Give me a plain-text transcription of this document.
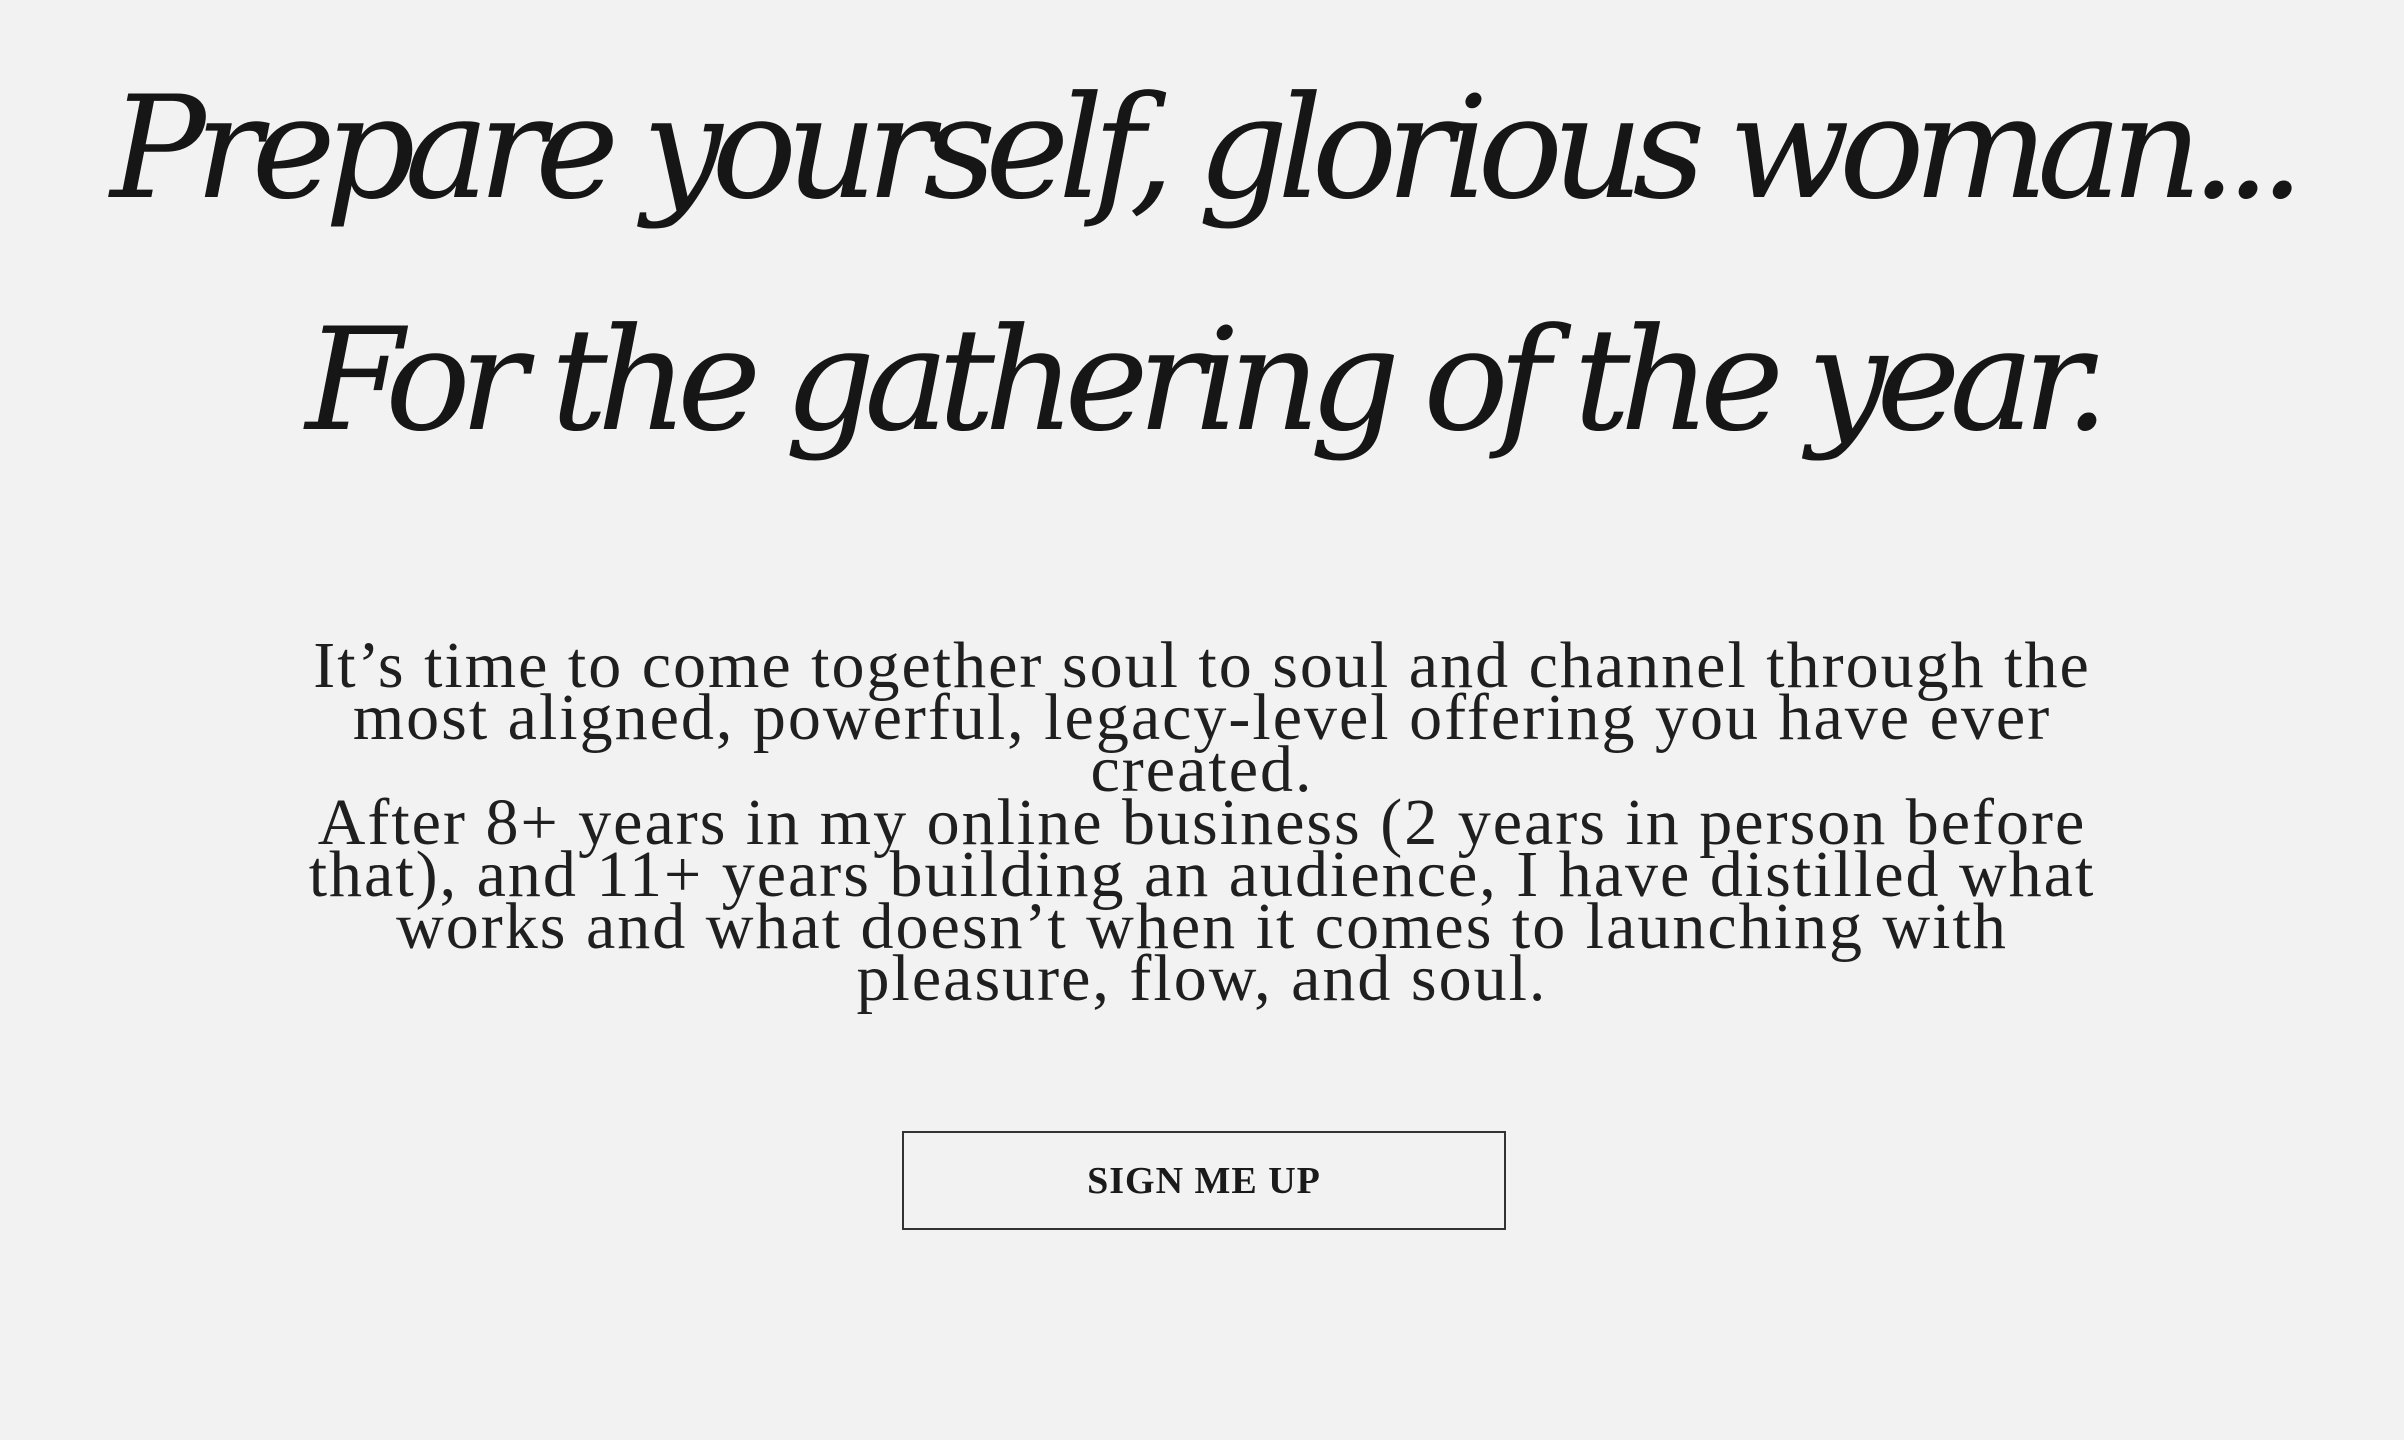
Prepare yourself, glorious woman...
For the gathering of the year.

It’s time to come together soul to soul and channel through the most aligned, powerful, legacy-level offering you have ever created.

After 8+ years in my online business (2 years in person before that), and 11+ years building an audience, I have distilled what works and what doesn’t when it comes to launching with pleasure, flow, and soul.

SIGN ME UP
